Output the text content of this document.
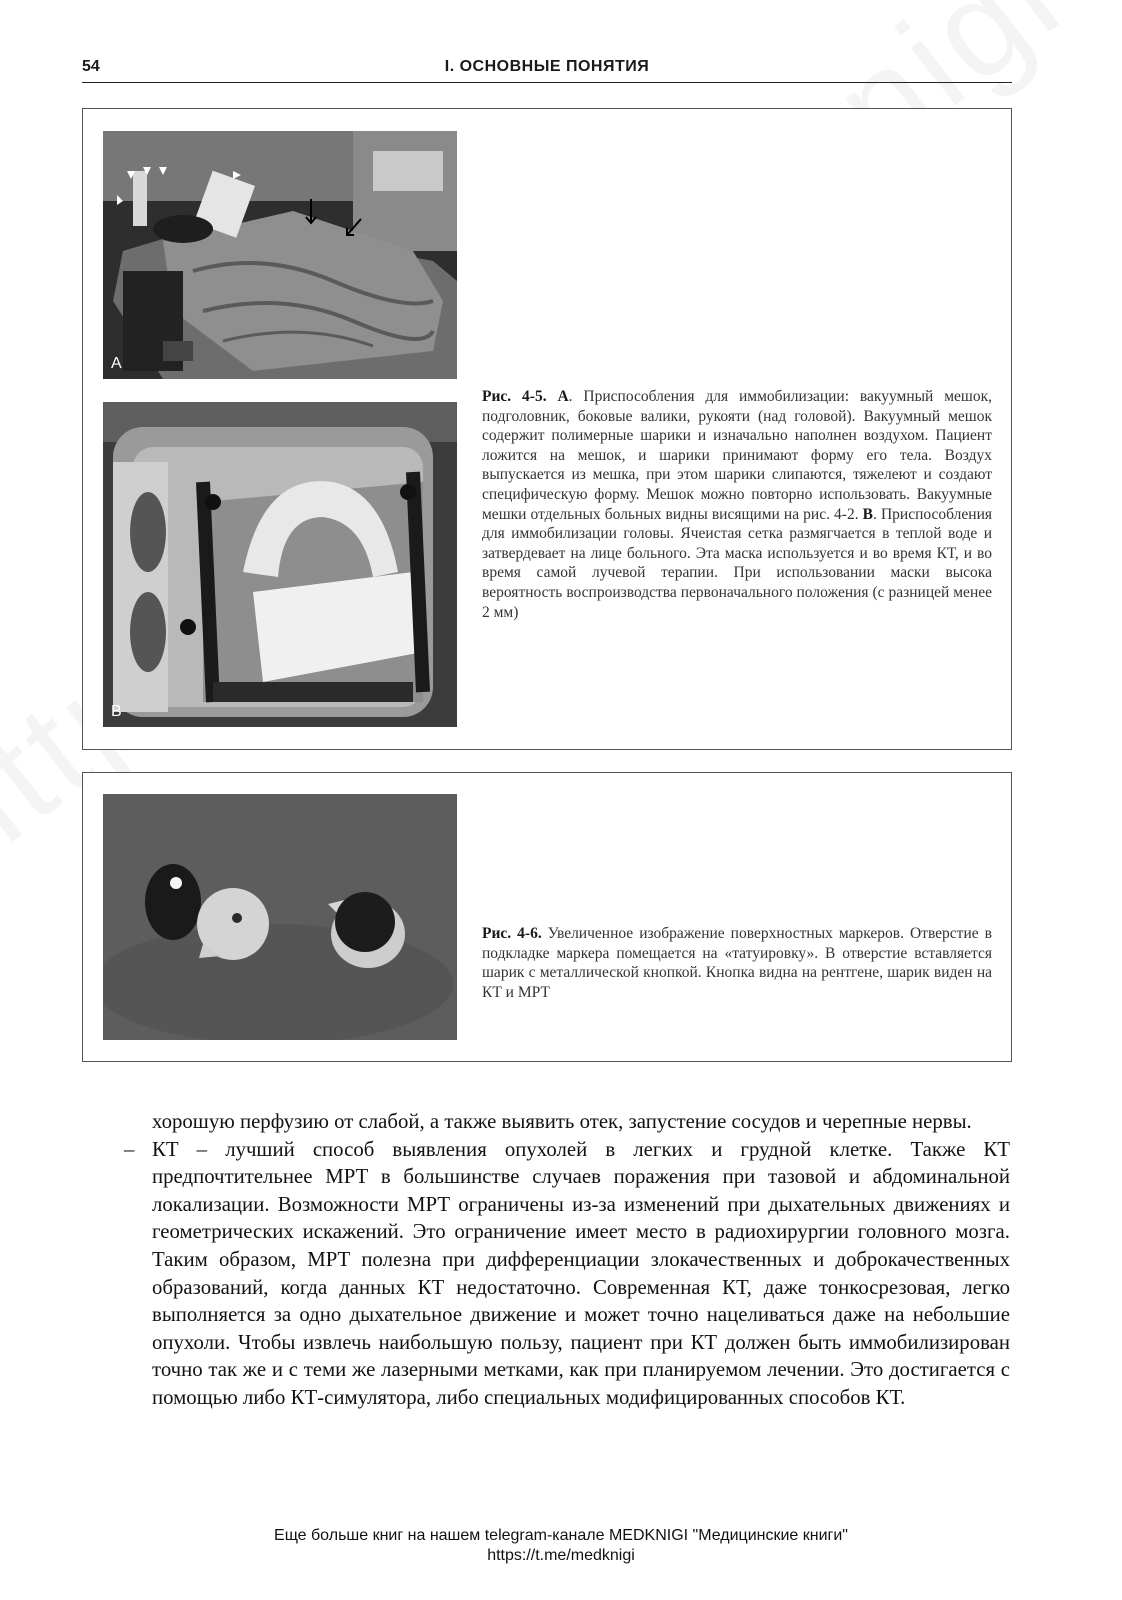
54	I. ОСНОВНЫЕ ПОНЯТИЯ
A
B
Рис. 4-5. А. Приспособления для иммобилизации: вакуумный мешок, подголовник, боковые валики, рукояти (над головой). Вакуумный мешок содержит полимерные шарики и изначально наполнен воздухом. Пациент ложится на мешок, и шарики принимают форму его тела. Воздух выпускается из мешка, при этом шарики слипаются, тяжелеют и создают специфическую форму. Мешок можно повторно использовать. Вакуумные мешки отдельных больных видны висящими на рис. 4-2. В. Приспособления для иммобилизации головы. Ячеистая сетка размягчается в теплой воде и затвердевает на лице больного. Эта маска используется и во время КТ, и во время самой лучевой терапии. При использовании маски высока вероятность воспроизводства первоначального положения (с разницей менее 2 мм)
Рис. 4-6. Увеличенное изображение поверхностных маркеров. Отверстие в подкладке маркера помещается на «татуировку». В отверстие вставляется шарик с металлической кнопкой. Кнопка видна на рентгене, шарик виден на КТ и МРТ

хорошую перфузию от слабой, а также выявить отек, запустение сосудов и черепные нервы.

– КТ – лучший способ выявления опухолей в легких и грудной клетке. Также КТ предпочтительнее МРТ в большинстве случаев поражения при тазовой и абдоминальной локализации. Возможности МРТ ограничены из-за изменений при дыхательных движениях и геометрических искажений. Это ограничение имеет место в радиохирургии головного мозга. Таким образом, МРТ полезна при дифференциации злокачественных и доброкачественных образований, когда данных КТ недостаточно. Современная КТ, даже тонкосрезовая, легко выполняется за одно дыхательное движение и может точно нацеливаться даже на небольшие опухоли. Чтобы извлечь наибольшую пользу, пациент при КТ должен быть иммобилизирован точно так же и с теми же лазерными метками, как при планируемом лечении. Это достигается с помощью либо КТ-симулятора, либо специальных модифицированных способов КТ.

Еще больше книг на нашем telegram-канале MEDKNIGI "Медицинские книги"
https://t.me/medknigi
